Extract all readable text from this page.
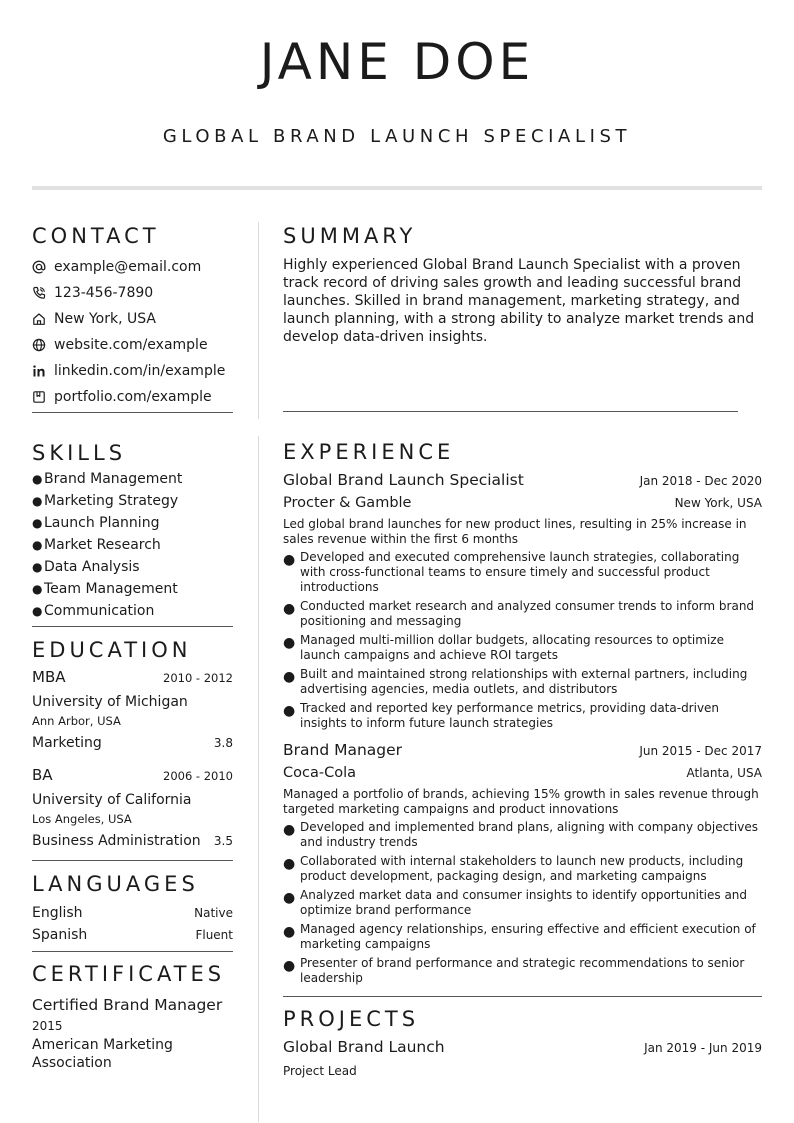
JANE DOE
GLOBAL BRAND LAUNCH SPECIALIST
CONTACT
example@email.com
123-456-7890
New York, USA
website.com/example
linkedin.com/in/example
portfolio.com/example
SKILLS
● Brand Management
● Marketing Strategy
● Launch Planning
● Market Research
● Data Analysis
● Team Management
● Communication
EDUCATION
MBA	2010 - 2012
University of Michigan
Ann Arbor, USA
Marketing	3.8
BA	2006 - 2010
University of California
Los Angeles, USA
Business Administration 3.5
LANGUAGES
English	Native
Spanish	Fluent
CERTIFICATES
Certified Brand Manager
2015
American Marketing Association
SUMMARY
Highly experienced Global Brand Launch Specialist with a proven track record of driving sales growth and leading successful brand launches. Skilled in brand management, marketing strategy, and launch planning, with a strong ability to analyze market trends and develop data-driven insights.
EXPERIENCE
Global Brand Launch Specialist	Jan 2018 - Dec 2020
Procter & Gamble	New York, USA
Led global brand launches for new product lines, resulting in 25% increase in sales revenue within the first 6 months
● Developed and executed comprehensive launch strategies, collaborating with cross-functional teams to ensure timely and successful product introductions
● Conducted market research and analyzed consumer trends to inform brand positioning and messaging
● Managed multi-million dollar budgets, allocating resources to optimize launch campaigns and achieve ROI targets
● Built and maintained strong relationships with external partners, including advertising agencies, media outlets, and distributors
● Tracked and reported key performance metrics, providing data-driven insights to inform future launch strategies
Brand Manager	Jun 2015 - Dec 2017
Coca-Cola	Atlanta, USA
Managed a portfolio of brands, achieving 15% growth in sales revenue through targeted marketing campaigns and product innovations
● Developed and implemented brand plans, aligning with company objectives and industry trends
● Collaborated with internal stakeholders to launch new products, including product development, packaging design, and marketing campaigns
● Analyzed market data and consumer insights to identify opportunities and optimize brand performance
● Managed agency relationships, ensuring effective and efficient execution of marketing campaigns
● Presenter of brand performance and strategic recommendations to senior leadership
PROJECTS
Global Brand Launch	Jan 2019 - Jun 2019
Project Lead
